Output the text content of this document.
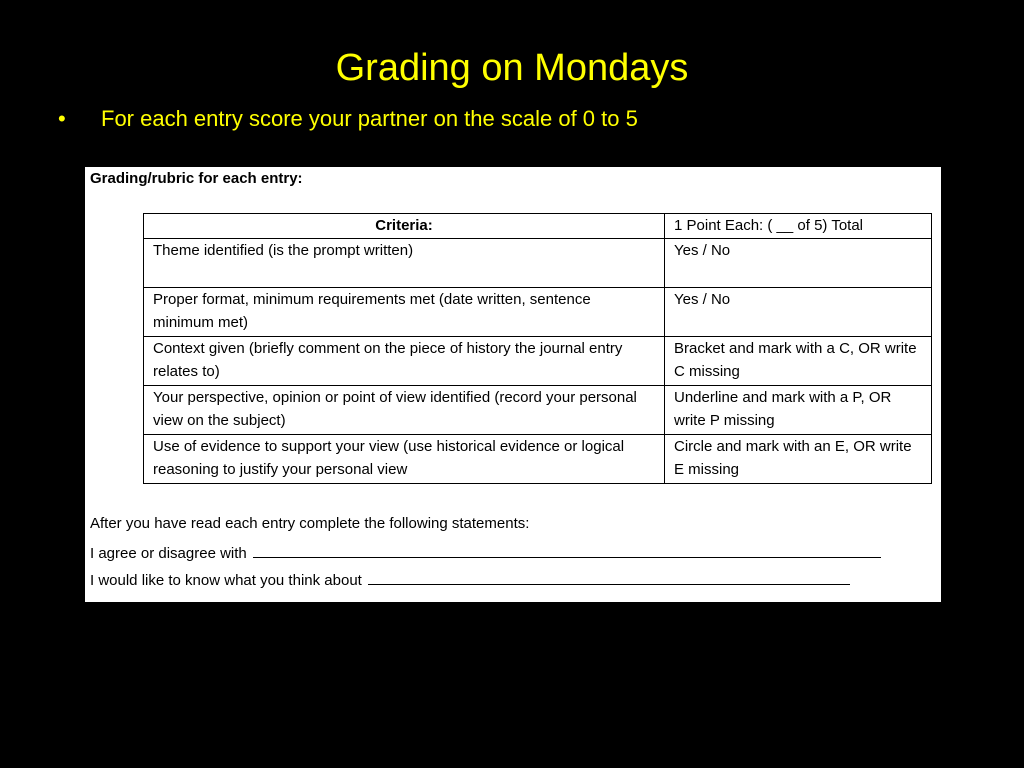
Grading on Mondays
• For each entry score your partner on the scale of 0 to 5
Grading/rubric for each entry:
Criteria:	1 Point Each: ( __ of 5) Total
Theme identified (is the prompt written)	Yes / No
Proper format, minimum requirements met (date written, sentence minimum met)	Yes / No
Context given (briefly comment on the piece of history the journal entry relates to)	Bracket and mark with a C, OR write C missing
Your perspective, opinion or point of view identified (record your personal view on the subject)	Underline and mark with a P, OR write P missing
Use of evidence to support your view (use historical evidence or logical reasoning to justify your personal view	Circle and mark with an E, OR write E missing
After you have read each entry complete the following statements:
I agree or disagree with
I would like to know what you think about
